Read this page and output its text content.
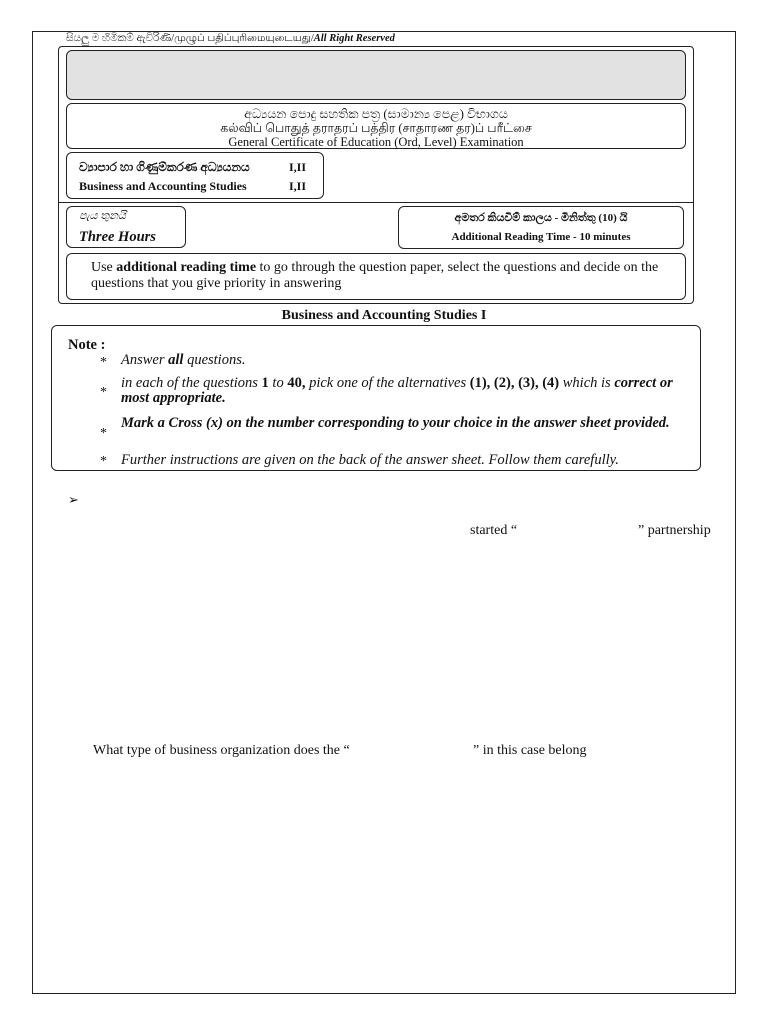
සියලු ම හිමිකම් ඇවිරිණි/முழுப் பதிப்புரிமையுடையது/All Right Reserved
අධ්‍යයන පොදු සහතික පත්‍ර (සාමාන්‍ය පෙළ) විභාගය
கல்விப் பொதுத் தராதரப் பத்திர (சாதாரண தர)ப் பரீட்சை
General Certificate of Education (Ord, Level) Examination
ව්‍යාපාර හා ගිණුම්කරණ අධ්‍යයනය	I,II
Business and Accounting Studies	I,II
පැය තුනයි
Three Hours
අමතර කියවීම් කාලය - මිනිත්තු (10) යි
Additional Reading Time - 10 minutes
Use additional reading time to go through the question paper, select the questions and decide on the questions that you give priority in answering
Business and Accounting Studies I
Note :
* Answer all questions.
*
in each of the questions 1 to 40, pick one of the alternatives (1), (2), (3), (4) which is correct or most appropriate.
*
Mark a Cross (x) on the number corresponding to your choice in the answer sheet provided.
* Further instructions are given on the back of the answer sheet. Follow them carefully.
➢
started “	” partnership
What type of business organization does the “	” in this case belong
